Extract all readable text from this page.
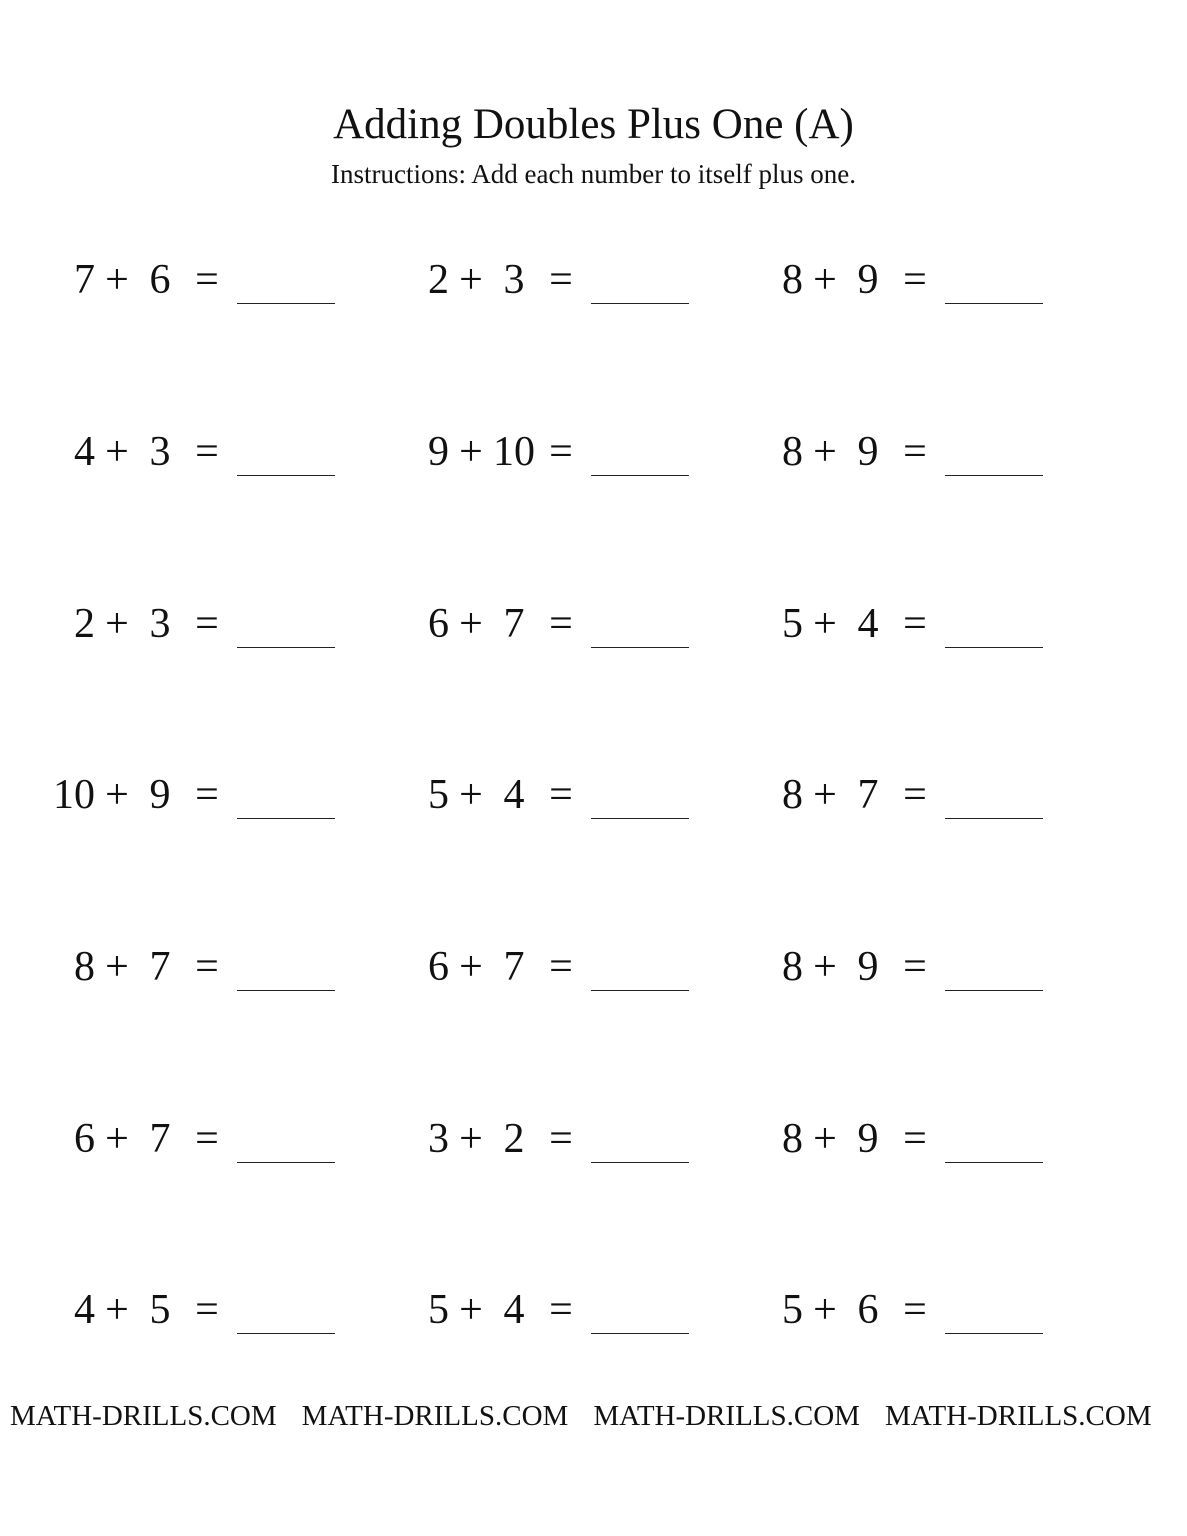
Adding Doubles Plus One (A)
Instructions: Add each number to itself plus one.
7 + 6 =	2 + 3 =	8 + 9 =
4 + 3 =	9 + 10 =	8 + 9 =
2 + 3 =	6 + 7 =	5 + 4 =
10 + 9 =	5 + 4 =	8 + 7 =
8 + 7 =	6 + 7 =	8 + 9 =
6 + 7 =	3 + 2 =	8 + 9 =
4 + 5 =	5 + 4 =	5 + 6 =
MATH-DRILLS.COM MATH-DRILLS.COM MATH-DRILLS.COM MATH-DRILLS.COM
